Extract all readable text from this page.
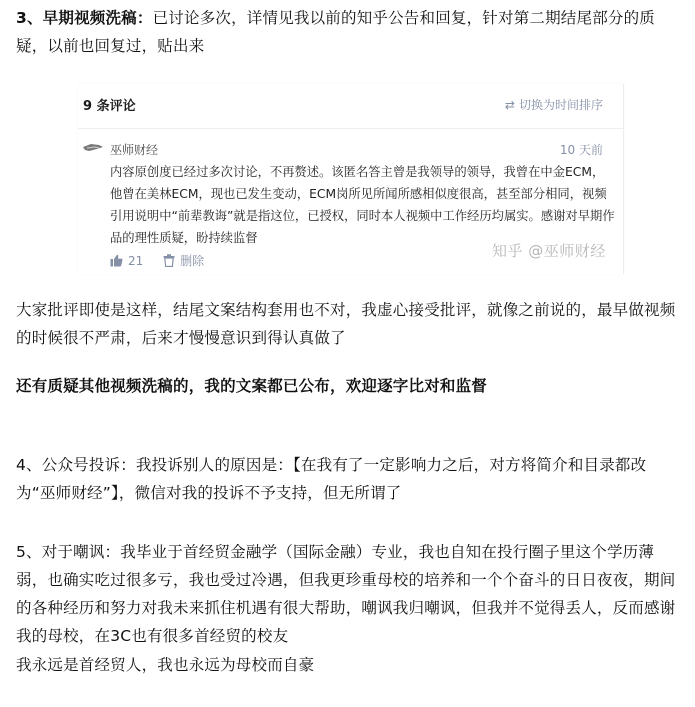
3、早期视频洗稿：已讨论多次，详情见我以前的知乎公告和回复，针对第二期结尾部分的质疑，以前也回复过，贴出来
9 条评论	⇄ 切换为时间排序
巫师财经	10 天前
内容原创度已经过多次讨论，不再赘述。该匿名答主曾是我领导的领导，我曾在中金ECM，他曾在美林ECM，现也已发生变动，ECM岗所见所闻所感相似度很高，甚至部分相同，视频引用说明中“前辈教诲”就是指这位，已授权，同时本人视频中工作经历均属实。感谢对早期作品的理性质疑，盼持续监督
21	删除
知乎 @巫师财经
大家批评即使是这样，结尾文案结构套用也不对，我虚心接受批评，就像之前说的，最早做视频的时候很不严肃，后来才慢慢意识到得认真做了
还有质疑其他视频洗稿的，我的文案都已公布，欢迎逐字比对和监督
4、公众号投诉：我投诉别人的原因是：【在我有了一定影响力之后，对方将简介和目录都改为“巫师财经”】，微信对我的投诉不予支持，但无所谓了
5、对于嘲讽：我毕业于首经贸金融学（国际金融）专业，我也自知在投行圈子里这个学历薄弱，也确实吃过很多亏，我也受过冷遇，但我更珍重母校的培养和一个个奋斗的日日夜夜，期间的各种经历和努力对我未来抓住机遇有很大帮助，嘲讽我归嘲讽，但我并不觉得丢人，反而感谢我的母校，在3C也有很多首经贸的校友
我永远是首经贸人，我也永远为母校而自豪
